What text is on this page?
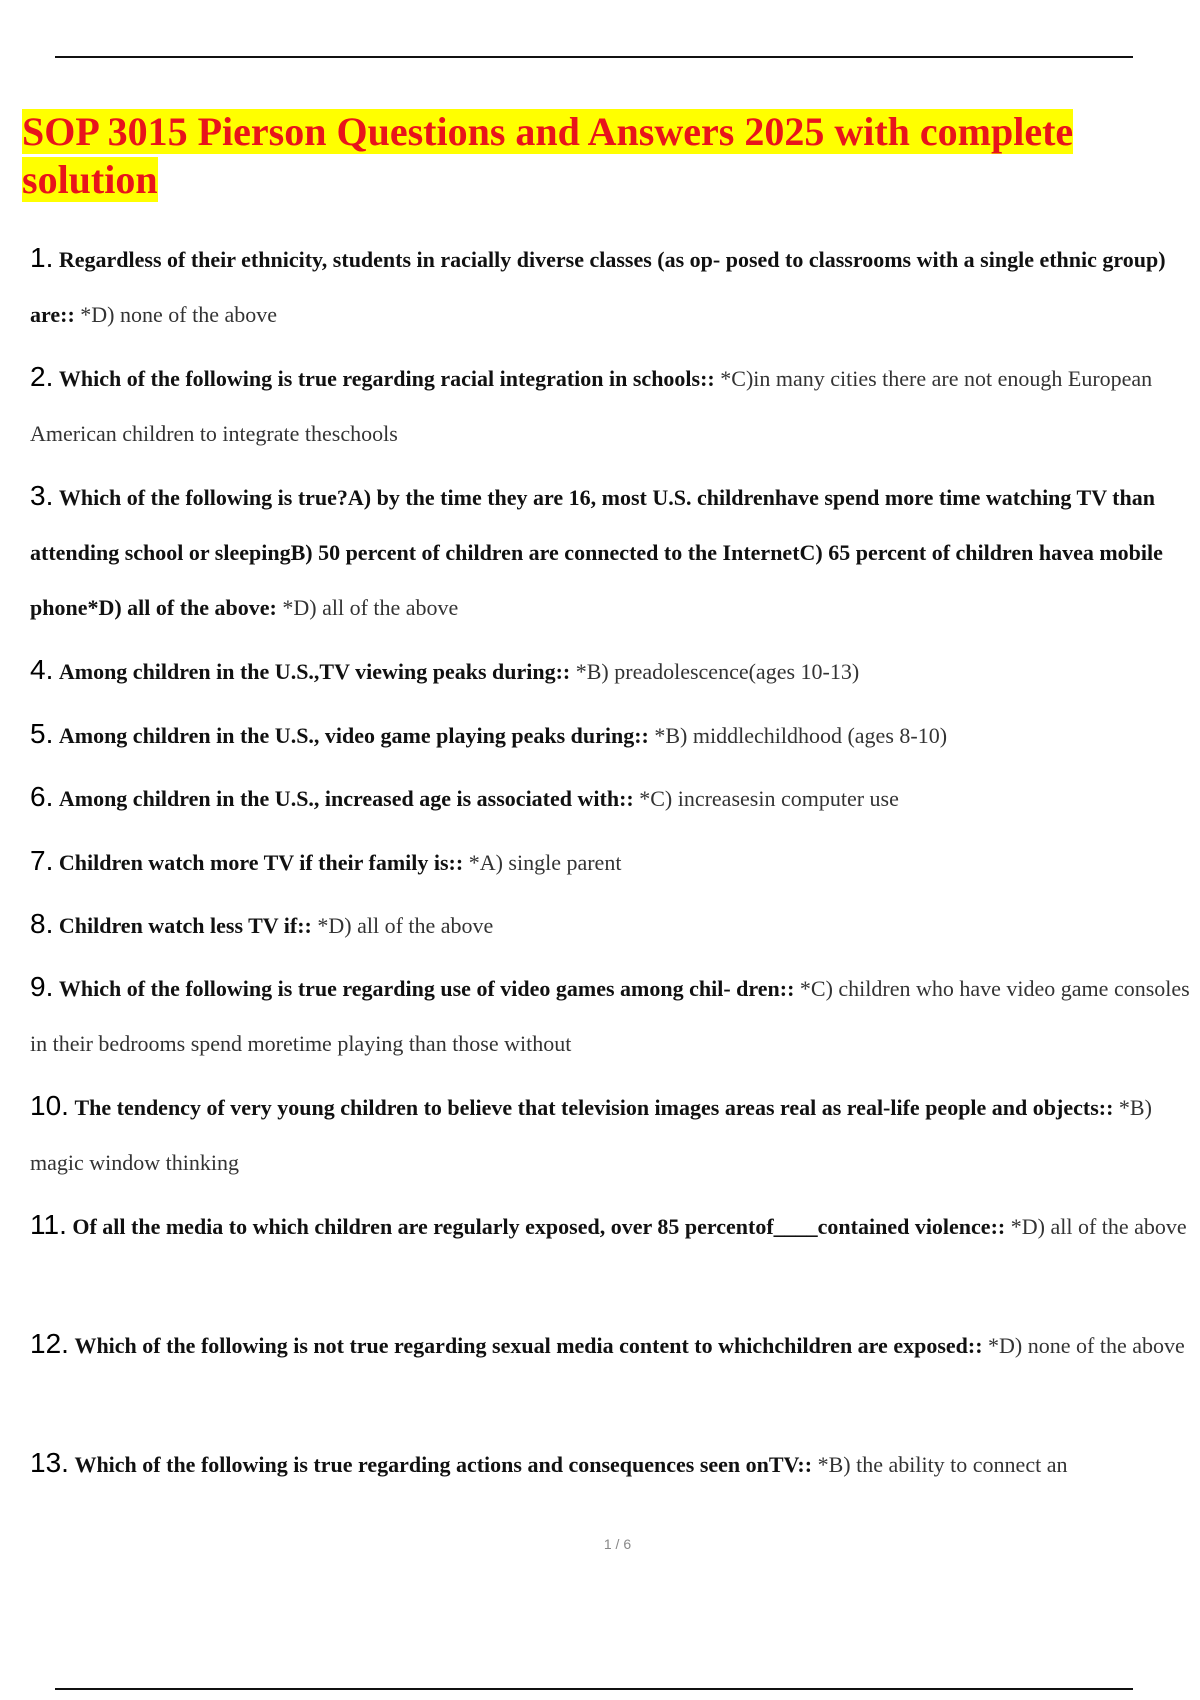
SOP 3015 Pierson Questions and Answers 2025 with complete solution
1. Regardless of their ethnicity, students in racially diverse classes (as op- posed to classrooms with a single ethnic group) are:: *D) none of the above
2. Which of the following is true regarding racial integration in schools:: *C)in many cities there are not enough European American children to integrate theschools
3. Which of the following is true?A) by the time they are 16, most U.S. childrenhave spend more time watching TV than attending school or sleepingB) 50 percent of children are connected to the InternetC) 65 percent of children havea mobile phone*D) all of the above: *D) all of the above
4. Among children in the U.S.,TV viewing peaks during:: *B) preadolescence(ages 10-13)
5. Among children in the U.S., video game playing peaks during:: *B) middlechildhood (ages 8-10)
6. Among children in the U.S., increased age is associated with:: *C) increasesin computer use
7. Children watch more TV if their family is:: *A) single parent
8. Children watch less TV if:: *D) all of the above
9. Which of the following is true regarding use of video games among chil- dren:: *C) children who have video game consoles in their bedrooms spend moretime playing than those without
10. The tendency of very young children to believe that television images areas real as real-life people and objects:: *B) magic window thinking
11. Of all the media to which children are regularly exposed, over 85 percentof____contained violence:: *D) all of the above
12. Which of the following is not true regarding sexual media content to whichchildren are exposed:: *D) none of the above
13. Which of the following is true regarding actions and consequences seen onTV:: *B) the ability to connect an
1 / 6
